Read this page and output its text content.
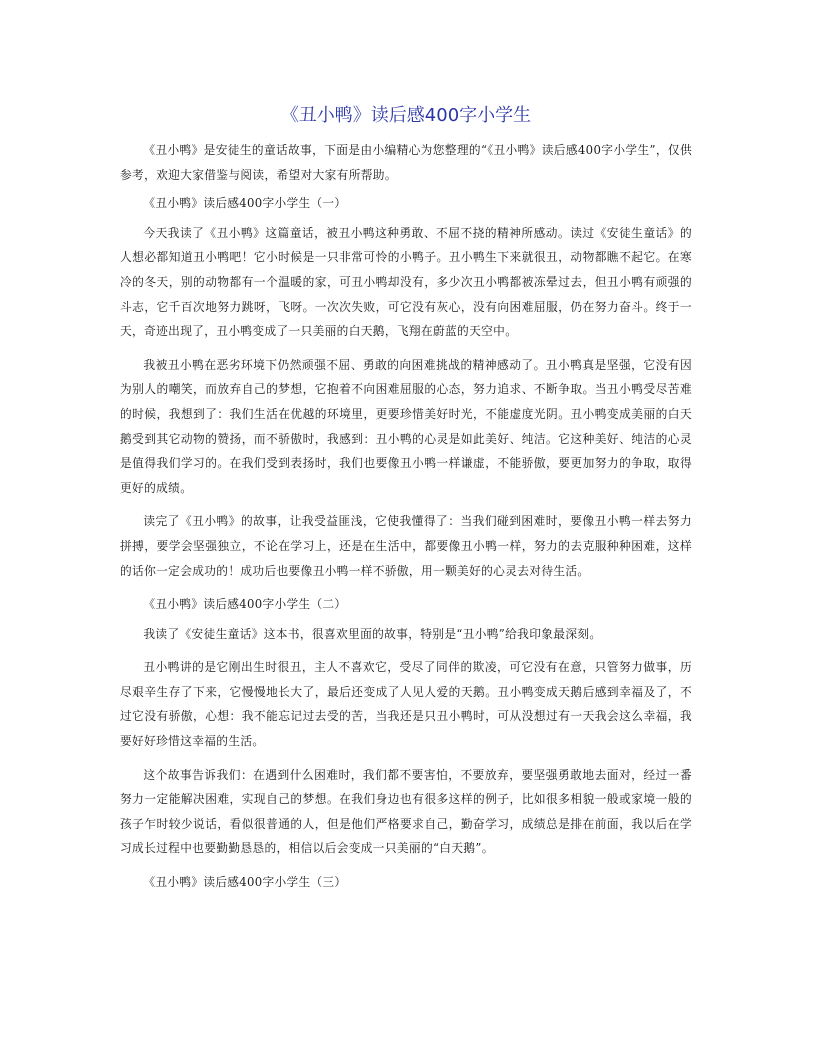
《丑小鸭》读后感400字小学生

《丑小鸭》是安徒生的童话故事，下面是由小编精心为您整理的“《丑小鸭》读后感400字小学生”，仅供参考，欢迎大家借鉴与阅读，希望对大家有所帮助。

《丑小鸭》读后感400字小学生（一）

今天我读了《丑小鸭》这篇童话，被丑小鸭这种勇敢、不屈不挠的精神所感动。读过《安徒生童话》的人想必都知道丑小鸭吧！它小时候是一只非常可怜的小鸭子。丑小鸭生下来就很丑，动物都瞧不起它。在寒冷的冬天，别的动物都有一个温暖的家，可丑小鸭却没有，多少次丑小鸭都被冻晕过去，但丑小鸭有顽强的斗志，它千百次地努力跳呀，飞呀。一次次失败，可它没有灰心，没有向困难屈服，仍在努力奋斗。终于一天，奇迹出现了，丑小鸭变成了一只美丽的白天鹅，飞翔在蔚蓝的天空中。

我被丑小鸭在恶劣环境下仍然顽强不屈、勇敢的向困难挑战的精神感动了。丑小鸭真是坚强，它没有因为别人的嘲笑，而放弃自己的梦想，它抱着不向困难屈服的心态，努力追求、不断争取。当丑小鸭受尽苦难的时候，我想到了：我们生活在优越的环境里，更要珍惜美好时光，不能虚度光阴。丑小鸭变成美丽的白天鹅受到其它动物的赞扬，而不骄傲时，我感到：丑小鸭的心灵是如此美好、纯洁。它这种美好、纯洁的心灵是值得我们学习的。在我们受到表扬时，我们也要像丑小鸭一样谦虚，不能骄傲，要更加努力的争取，取得更好的成绩。

读完了《丑小鸭》的故事，让我受益匪浅，它使我懂得了：当我们碰到困难时，要像丑小鸭一样去努力拼搏，要学会坚强独立，不论在学习上，还是在生活中，都要像丑小鸭一样，努力的去克服种种困难，这样的话你一定会成功的！成功后也要像丑小鸭一样不骄傲，用一颗美好的心灵去对待生活。

《丑小鸭》读后感400字小学生（二）

我读了《安徒生童话》这本书，很喜欢里面的故事，特别是“丑小鸭”给我印象最深刻。

丑小鸭讲的是它刚出生时很丑，主人不喜欢它，受尽了同伴的欺凌，可它没有在意，只管努力做事，历尽艰辛生存了下来，它慢慢地长大了，最后还变成了人见人爱的天鹅。丑小鸭变成天鹅后感到幸福及了，不过它没有骄傲，心想：我不能忘记过去受的苦，当我还是只丑小鸭时，可从没想过有一天我会这么幸福，我要好好珍惜这幸福的生活。

这个故事告诉我们：在遇到什么困难时，我们都不要害怕，不要放弃，要坚强勇敢地去面对，经过一番努力一定能解决困难，实现自己的梦想。在我们身边也有很多这样的例子，比如很多相貌一般或家境一般的孩子乍时较少说话，看似很普通的人，但是他们严格要求自己，勤奋学习，成绩总是排在前面，我以后在学习成长过程中也要勤勤恳恳的，相信以后会变成一只美丽的“白天鹅”。

《丑小鸭》读后感400字小学生（三）
